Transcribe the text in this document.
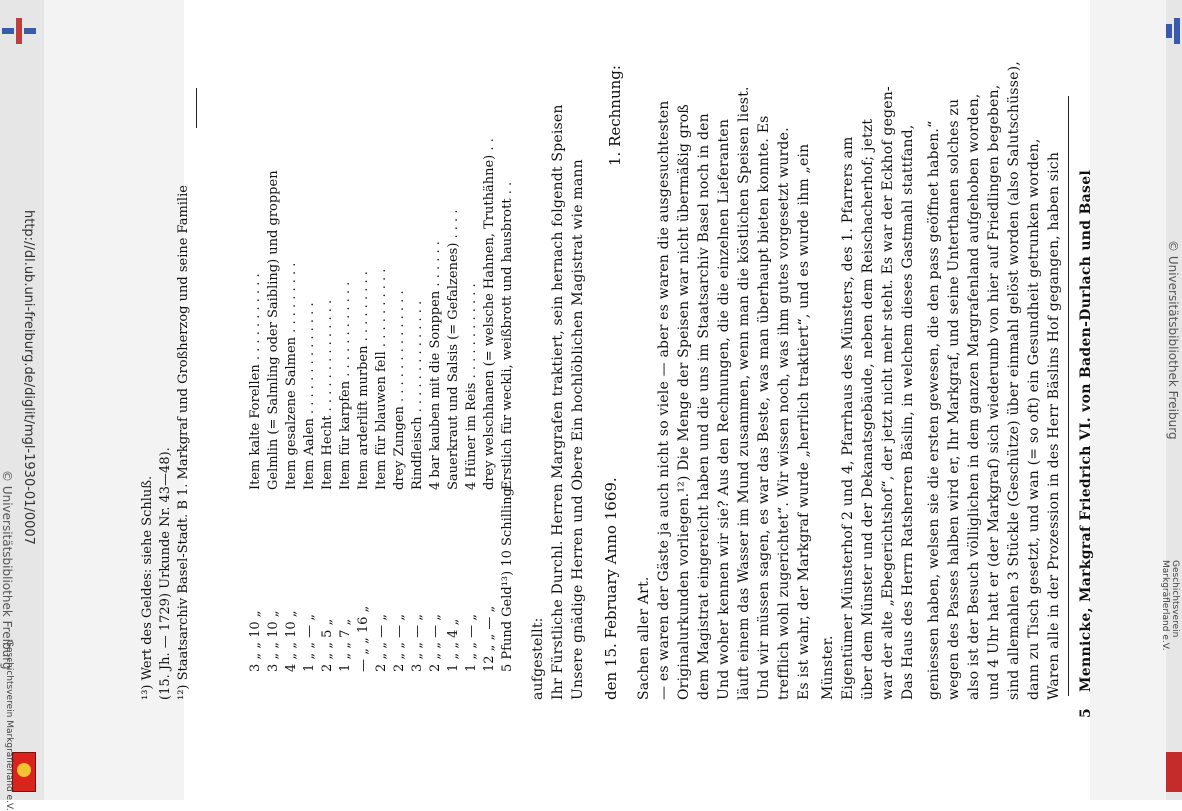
http://dl.ub.uni-freiburg.de/diglit/mgl-1930-01/0007
© Universitätsbibliothek Freiburg
Geschichtsverein Markgräflerland e.V.
© Universitätsbibliothek Freiburg
Geschichtsverein
Markgräflerland e.V.
5
Mennicke, Markgraf Friedrich VI. von Baden-Durlach und Basel
Waren alle in der Prozession in des Herr Bäslins Hof gegangen, haben sich
dann zu Tisch gesetzt, und wan (= so oft) ein Gesundheit getrunken worden,
sind allemahlen 3 Stückle (Geschütze) über einmahl gelöst worden (also Salutschüsse),
und 4 Uhr hatt er (der Markgraf) sich wiederumb von hier auf Friedlingen begeben,
also ist der Besuch völliglichen in dem ganzen Margrafenland aufgehoben worden,
wegen des Passes halben wird er, Ihr Markgraf, und seine Unterthanen solches zu
geniessen haben, welsen sie die ersten gewesen, die den pass geöffnet haben.“
Das Haus des Herrn Ratsherren Bäslin, in welchem dieses Gastmahl stattfand,
war der alte „Ebegerichtshof“, der jetzt nicht mehr steht. Es war der Eckhof gegen-
über dem Münster und der Dekanatsgebäude, neben dem Reischacherhof; jetzt
Eigentümer Münsterhof 2 und 4, Pfarrhaus des Münsters, des 1. Pfarrers am
Münster.
Es ist wahr, der Markgraf wurde „herrlich traktiert“, und es wurde ihm „ein
trefflich wohl zugerichtet“. Wir wissen noch, was ihm gutes vorgesetzt wurde.
Und wir müssen sagen, es war das Beste, was man überhaupt bieten konnte. Es
läuft einem das Wasser im Mund zusammen, wenn man die köstlichen Speisen liest.
Und woher kennen wir sie? Aus den Rechnungen, die die einzelnen Lieferanten
dem Magistrat eingereicht haben und die uns im Staatsarchiv Basel noch in den
Originalurkunden vorliegen.¹²) Die Menge der Speisen war nicht übermäßig groß
— es waren der Gäste ja auch nicht so viele — aber es waren die ausgesuchtesten
Sachen aller Art.
1. Rechnung:
den 15. February Anno 1669.
Unsere gnädige Herren und Obere Ein hochlöblichen Magistrat wie mann
Ihr Fürstliche Durchl. Herren Margrafen traktiert, sein hernach folgendt Speisen
aufgestellt:
Erstlich für weckli, weißbrott und hausbrott . .
drey welschhanen (= welsche Hahnen, Truthähne) . .
4 Hüner im Reis . . . . . . . . . . . .
Sauerkraut und Salsis (= Gefalzenes) . . . .
4 bar kauben mit die Sonppen . . . . . .
Rindfleisch . . . . . . . . . . . . . .
drey Zungen . . . . . . . . . . . . . .
Item für blauwen fell . . . . . . . . . .
Item arderlift murben . . . . . . . . .
Item für karpfen . . . . . . . . . . . .
Item Hecht . . . . . . . . . . . . . .
Item Aalen . . . . . . . . . . . . . .
Item gesalzene Salmen . . . . . . . . .
Gelmlin (= Salmling oder Saibling) und groppen
Item kalte Forellen . . . . . . . . . . .
5 Pfund Geld¹³) 10 Schilling
12 „ „ — „
1 „ „ — „
1 „ „ 4 „
2 „ „ — „
3 „ „ — „
2 „ „ — „
2 „ „ — „
— „ „ 16 „
1 „ „ 7 „
2 „ „ 5 „
1 „ „ — „
4 „ „ 10 „
3 „ „ 10 „
3 „ „ 10 „
¹²) Staatsarchiv Basel-Stadt. B 1. Markgraf und Großherzog und seine Familie
(15. Jh. — 1729) Urkunde Nr. 43—48).
¹³) Wert des Geldes: siehe Schluß.
